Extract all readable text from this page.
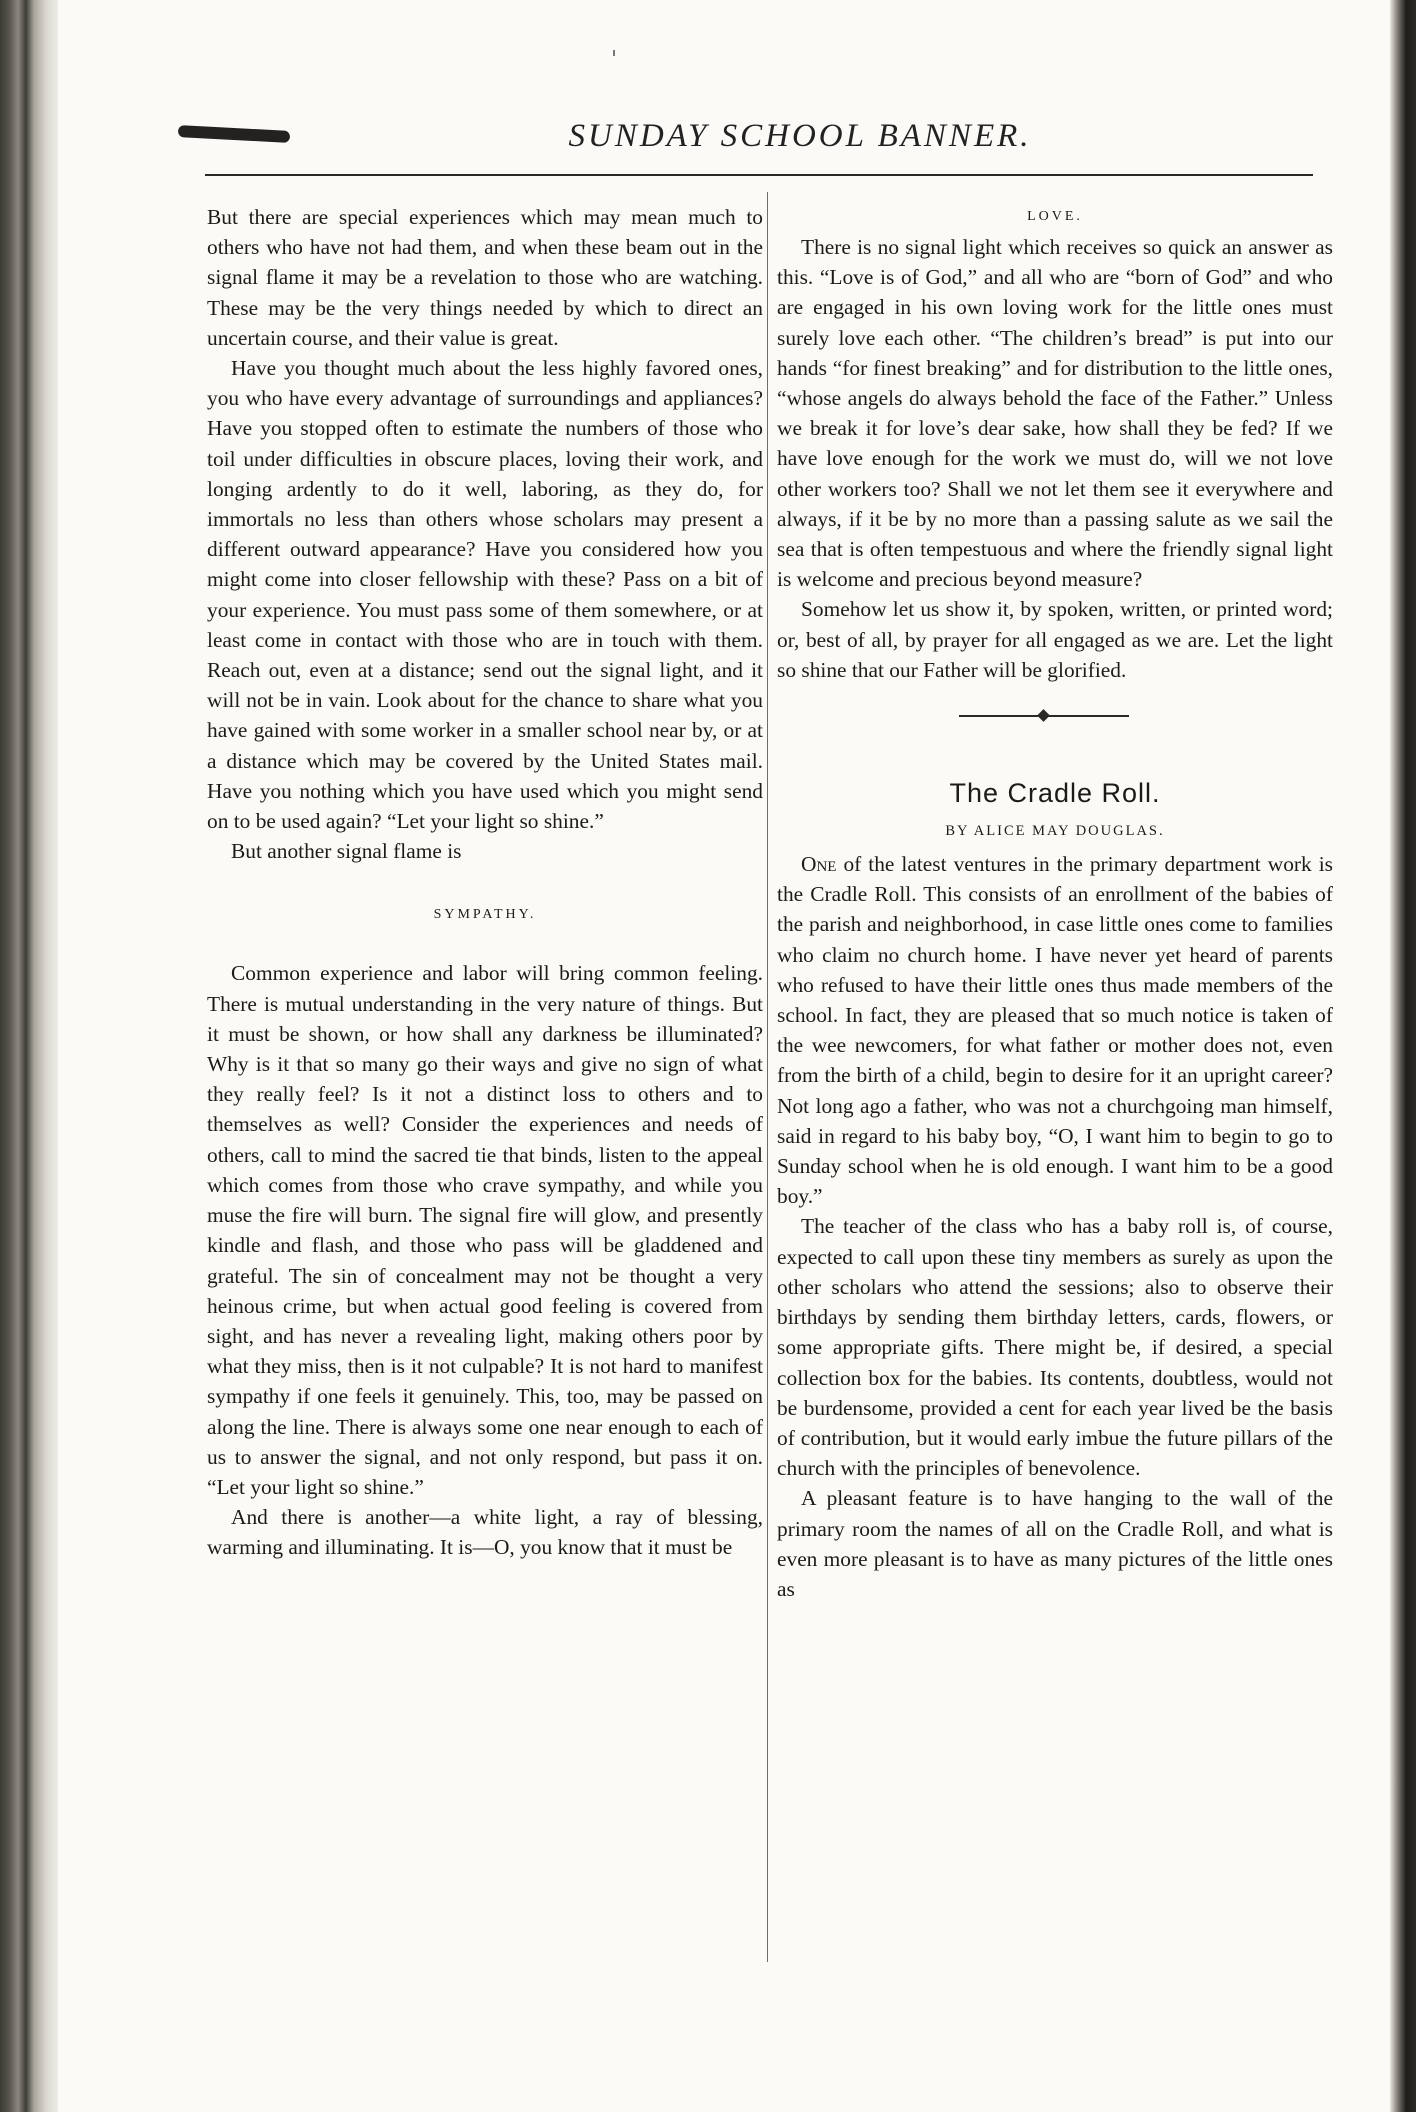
SUNDAY SCHOOL BANNER.

But there are special experiences which may mean much to others who have not had them, and when these beam out in the signal flame it may be a revelation to those who are watching. These may be the very things needed by which to direct an uncertain course, and their value is great.

Have you thought much about the less highly favored ones, you who have every advantage of surroundings and appliances? Have you stopped often to estimate the numbers of those who toil under difficulties in obscure places, loving their work, and longing ardently to do it well, laboring, as they do, for immortals no less than others whose scholars may present a different outward appearance? Have you considered how you might come into closer fellowship with these? Pass on a bit of your experience. You must pass some of them somewhere, or at least come in contact with those who are in touch with them. Reach out, even at a distance; send out the signal light, and it will not be in vain. Look about for the chance to share what you have gained with some worker in a smaller school near by, or at a distance which may be covered by the United States mail. Have you nothing which you have used which you might send on to be used again? “Let your light so shine.”

But another signal flame is

SYMPATHY.

Common experience and labor will bring common feeling. There is mutual understanding in the very nature of things. But it must be shown, or how shall any darkness be illuminated? Why is it that so many go their ways and give no sign of what they really feel? Is it not a distinct loss to others and to themselves as well? Consider the experiences and needs of others, call to mind the sacred tie that binds, listen to the appeal which comes from those who crave sympathy, and while you muse the fire will burn. The signal fire will glow, and presently kindle and flash, and those who pass will be gladdened and grateful. The sin of concealment may not be thought a very heinous crime, but when actual good feeling is covered from sight, and has never a revealing light, making others poor by what they miss, then is it not culpable? It is not hard to manifest sympathy if one feels it genuinely. This, too, may be passed on along the line. There is always some one near enough to each of us to answer the signal, and not only respond, but pass it on. “Let your light so shine.”

And there is another—a white light, a ray of blessing, warming and illuminating. It is—O, you know that it must be

LOVE.

There is no signal light which receives so quick an answer as this. “Love is of God,” and all who are “born of God” and who are engaged in his own loving work for the little ones must surely love each other. “The children’s bread” is put into our hands “for finest breaking” and for distribution to the little ones, “whose angels do always behold the face of the Father.” Unless we break it for love’s dear sake, how shall they be fed? If we have love enough for the work we must do, will we not love other workers too? Shall we not let them see it everywhere and always, if it be by no more than a passing salute as we sail the sea that is often tempestuous and where the friendly signal light is welcome and precious beyond measure?

Somehow let us show it, by spoken, written, or printed word; or, best of all, by prayer for all engaged as we are. Let the light so shine that our Father will be glorified.

The Cradle Roll.
BY ALICE MAY DOUGLAS.

One of the latest ventures in the primary department work is the Cradle Roll. This consists of an enrollment of the babies of the parish and neighborhood, in case little ones come to families who claim no church home. I have never yet heard of parents who refused to have their little ones thus made members of the school. In fact, they are pleased that so much notice is taken of the wee newcomers, for what father or mother does not, even from the birth of a child, begin to desire for it an upright career? Not long ago a father, who was not a churchgoing man himself, said in regard to his baby boy, “O, I want him to begin to go to Sunday school when he is old enough. I want him to be a good boy.”

The teacher of the class who has a baby roll is, of course, expected to call upon these tiny members as surely as upon the other scholars who attend the sessions; also to observe their birthdays by sending them birthday letters, cards, flowers, or some appropriate gifts. There might be, if desired, a special collection box for the babies. Its contents, doubtless, would not be burdensome, provided a cent for each year lived be the basis of contribution, but it would early imbue the future pillars of the church with the principles of benevolence.

A pleasant feature is to have hanging to the wall of the primary room the names of all on the Cradle Roll, and what is even more pleasant is to have as many pictures of the little ones as
